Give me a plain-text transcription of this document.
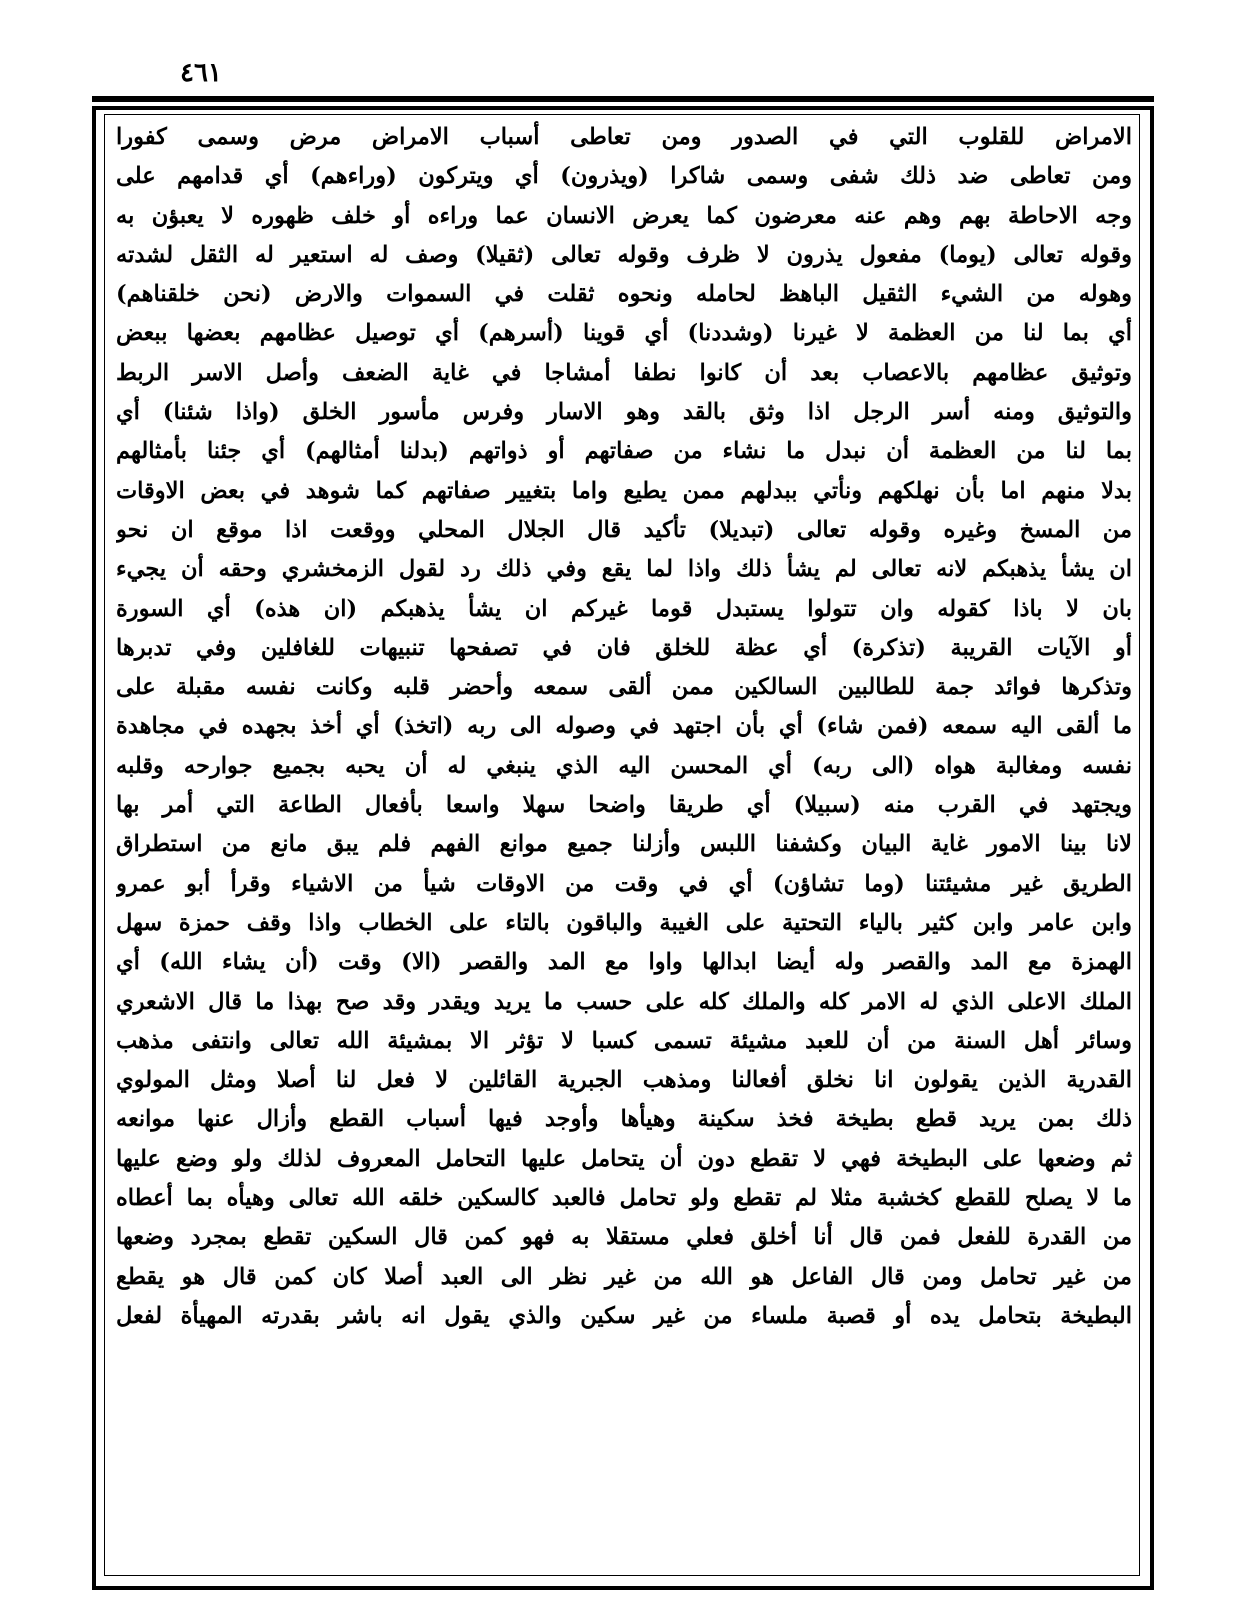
٤٦١
الامراض للقلوب التي في الصدور ومن تعاطى أسباب الامراض مرض وسمى كفورا
ومن تعاطى ضد ذلك شفى وسمى شاكرا (ويذرون) أي ويتركون (وراءهم) أي قدامهم على
وجه الاحاطة بهم وهم عنه معرضون كما يعرض الانسان عما وراءه أو خلف ظهوره لا يعبؤن به
وقوله تعالى (يوما) مفعول يذرون لا ظرف وقوله تعالى (ثقيلا) وصف له استعير له الثقل لشدته
وهوله من الشيء الثقيل الباهظ لحامله ونحوه ثقلت في السموات والارض (نحن خلقناهم)
أي بما لنا من العظمة لا غيرنا (وشددنا) أي قوينا (أسرهم) أي توصيل عظامهم بعضها ببعض
وتوثيق عظامهم بالاعصاب بعد أن كانوا نطفا أمشاجا في غاية الضعف وأصل الاسر الربط
والتوثيق ومنه أسر الرجل اذا وثق بالقد وهو الاسار وفرس مأسور الخلق (واذا شئنا) أي
بما لنا من العظمة أن نبدل ما نشاء من صفاتهم أو ذواتهم (بدلنا أمثالهم) أي جئنا بأمثالهم
بدلا منهم اما بأن نهلكهم ونأتي ببدلهم ممن يطيع واما بتغيير صفاتهم كما شوهد في بعض الاوقات
من المسخ وغيره وقوله تعالى (تبديلا) تأكيد قال الجلال المحلي ووقعت اذا موقع ان نحو
ان يشأ يذهبكم لانه تعالى لم يشأ ذلك واذا لما يقع وفي ذلك رد لقول الزمخشري وحقه أن يجيء
بان لا باذا كقوله وان تتولوا يستبدل قوما غيركم ان يشأ يذهبكم (ان هذه) أي السورة
أو الآيات القريبة (تذكرة) أي عظة للخلق فان في تصفحها تنبيهات للغافلين وفي تدبرها
وتذكرها فوائد جمة للطالبين السالكين ممن ألقى سمعه وأحضر قلبه وكانت نفسه مقبلة على
ما ألقى اليه سمعه (فمن شاء) أي بأن اجتهد في وصوله الى ربه (اتخذ) أي أخذ بجهده في مجاهدة
نفسه ومغالبة هواه (الى ربه) أي المحسن اليه الذي ينبغي له أن يحبه بجميع جوارحه وقلبه
ويجتهد في القرب منه (سبيلا) أي طريقا واضحا سهلا واسعا بأفعال الطاعة التي أمر بها
لانا بينا الامور غاية البيان وكشفنا اللبس وأزلنا جميع موانع الفهم فلم يبق مانع من استطراق
الطريق غير مشيئتنا (وما تشاؤن) أي في وقت من الاوقات شيأ من الاشياء وقرأ أبو عمرو
وابن عامر وابن كثير بالياء التحتية على الغيبة والباقون بالتاء على الخطاب واذا وقف حمزة سهل
الهمزة مع المد والقصر وله أيضا ابدالها واوا مع المد والقصر (الا) وقت (أن يشاء الله) أي
الملك الاعلى الذي له الامر كله والملك كله على حسب ما يريد ويقدر وقد صح بهذا ما قال الاشعري
وسائر أهل السنة من أن للعبد مشيئة تسمى كسبا لا تؤثر الا بمشيئة الله تعالى وانتفى مذهب
القدرية الذين يقولون انا نخلق أفعالنا ومذهب الجبرية القائلين لا فعل لنا أصلا ومثل المولوي
ذلك بمن يريد قطع بطيخة فخذ سكينة وهيأها وأوجد فيها أسباب القطع وأزال عنها موانعه
ثم وضعها على البطيخة فهي لا تقطع دون أن يتحامل عليها التحامل المعروف لذلك ولو وضع عليها
ما لا يصلح للقطع كخشبة مثلا لم تقطع ولو تحامل فالعبد كالسكين خلقه الله تعالى وهيأه بما أعطاه
من القدرة للفعل فمن قال أنا أخلق فعلي مستقلا به فهو كمن قال السكين تقطع بمجرد وضعها
من غير تحامل ومن قال الفاعل هو الله من غير نظر الى العبد أصلا كان كمن قال هو يقطع
البطيخة بتحامل يده أو قصبة ملساء من غير سكين والذي يقول انه باشر بقدرته المهيأة لفعل
